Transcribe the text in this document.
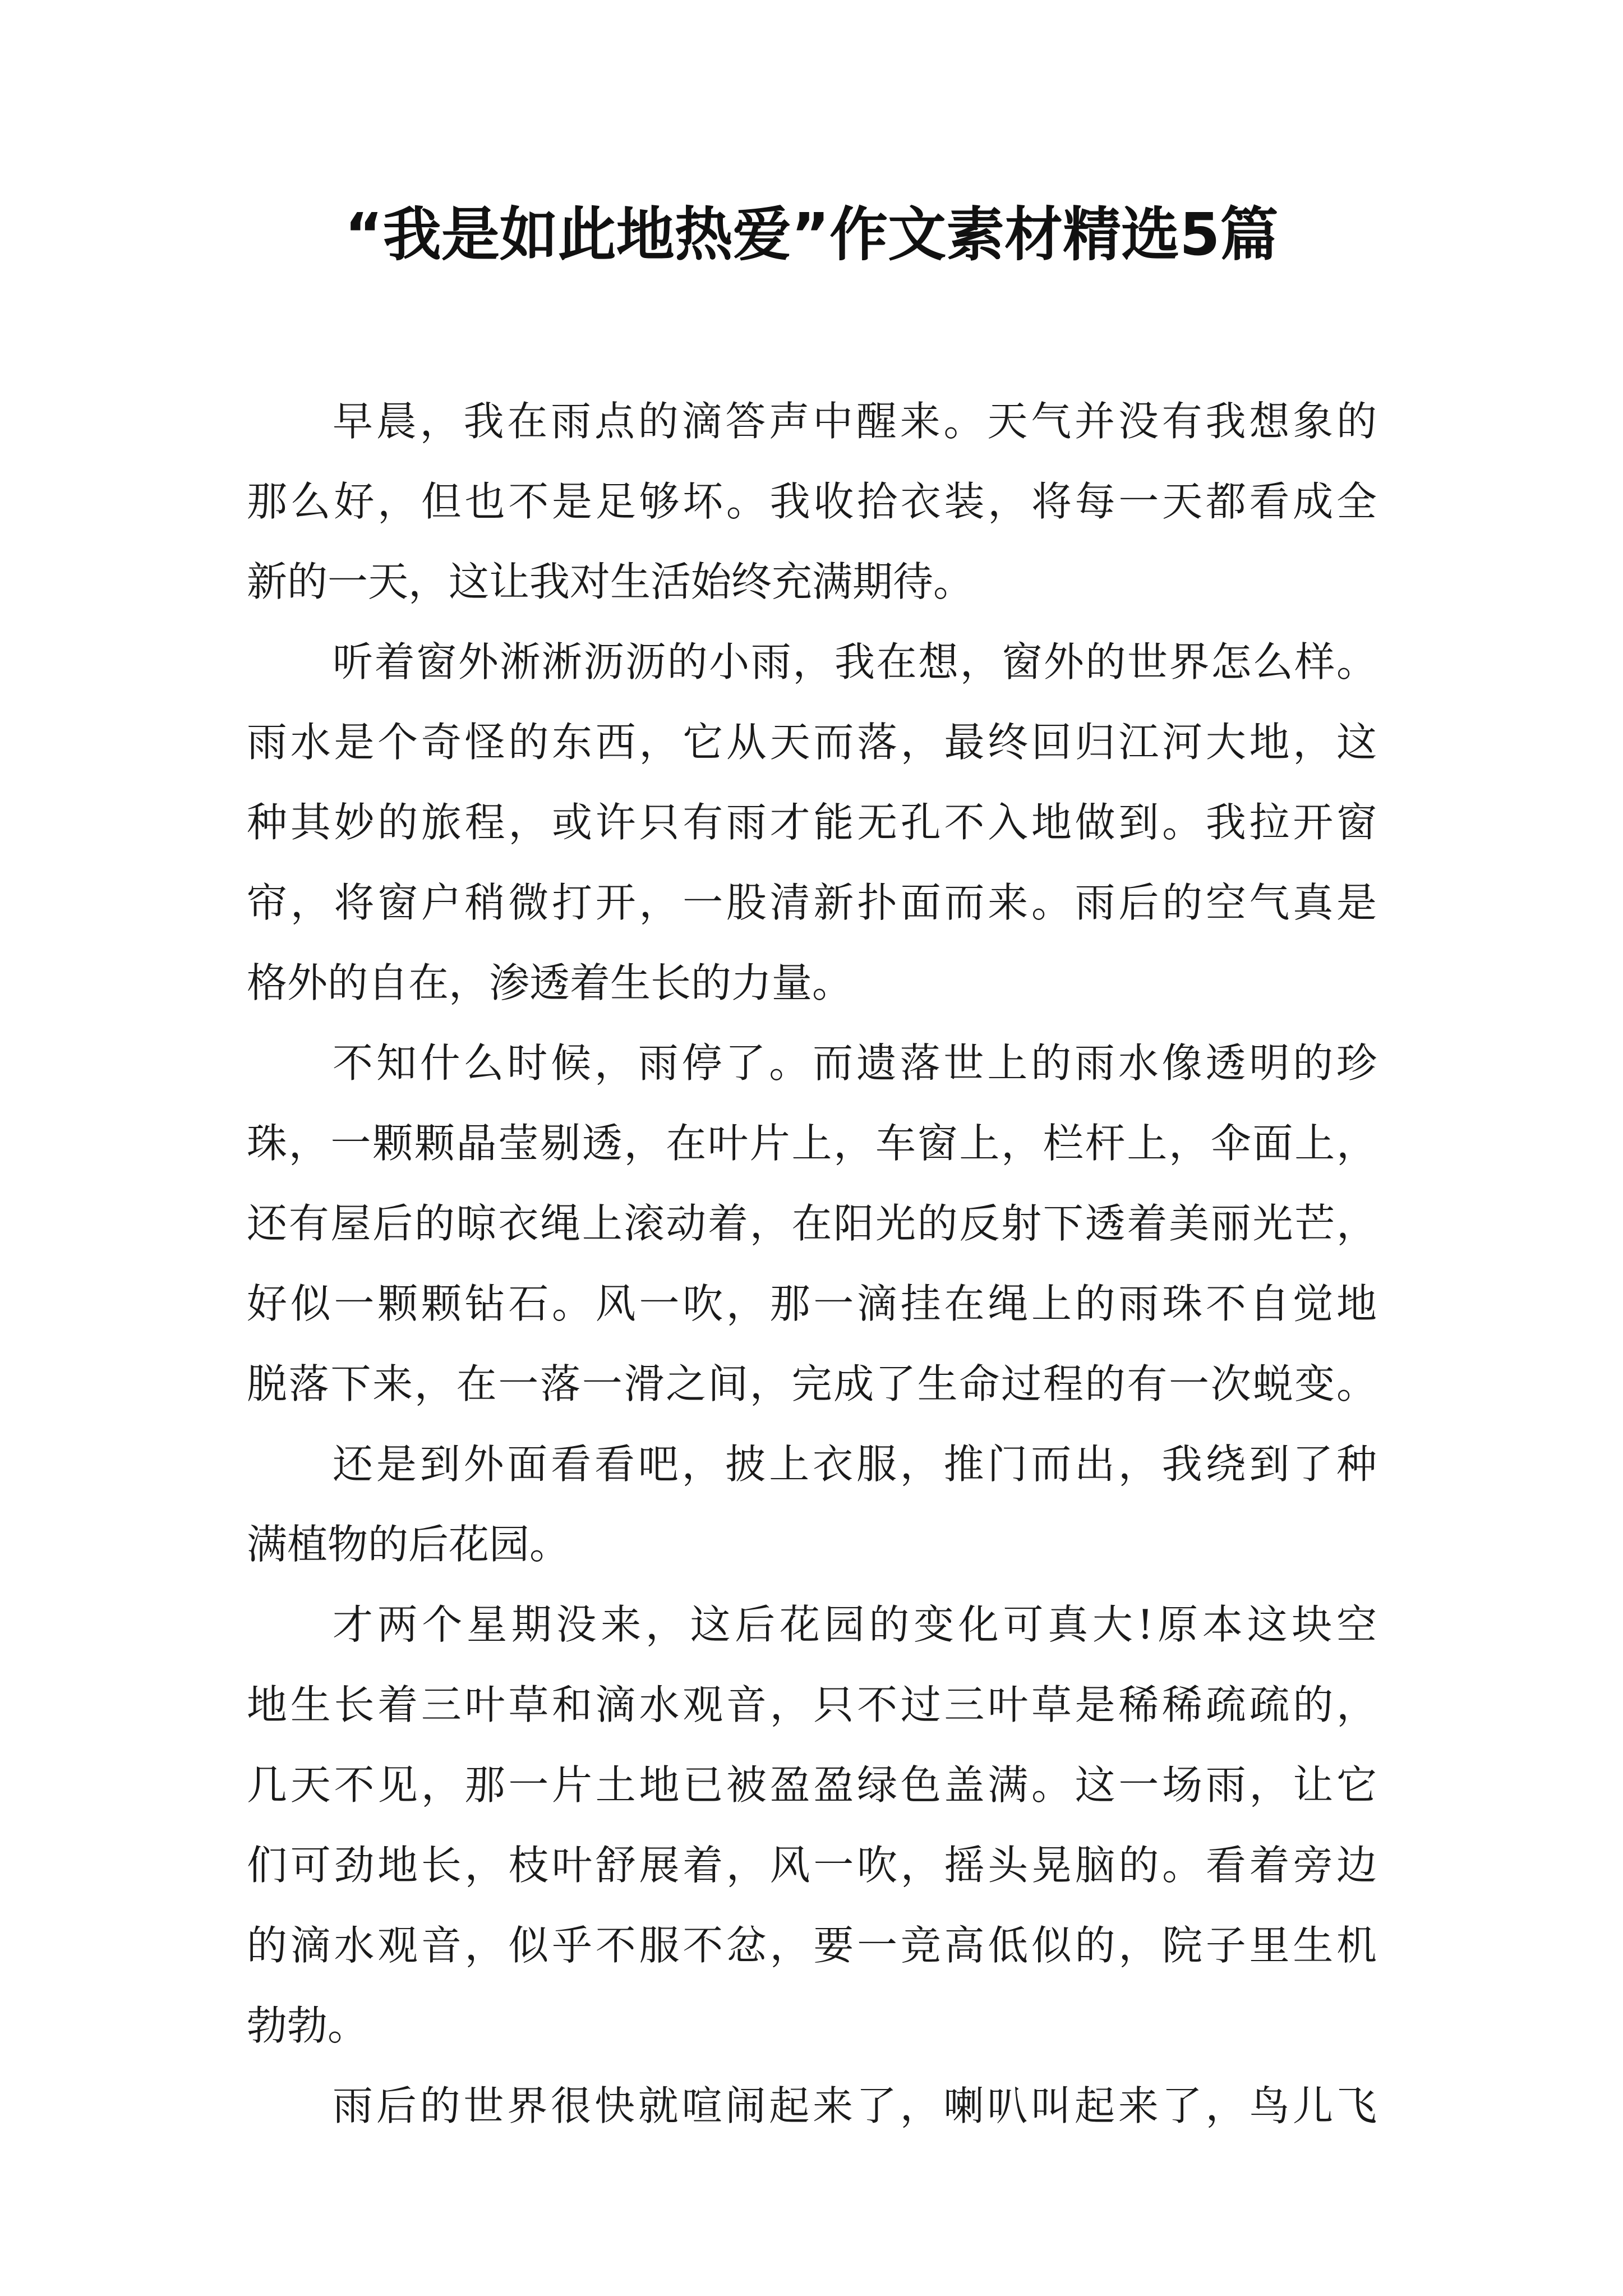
“我是如此地热爱”作文素材精选5篇
早晨，我在雨点的滴答声中醒来。天气并没有我想象的
那么好，但也不是足够坏。我收拾衣装，将每一天都看成全
新的一天，这让我对生活始终充满期待。
听着窗外淅淅沥沥的小雨，我在想，窗外的世界怎么样。
雨水是个奇怪的东西，它从天而落，最终回归江河大地，这
种其妙的旅程，或许只有雨才能无孔不入地做到。我拉开窗
帘，将窗户稍微打开，一股清新扑面而来。雨后的空气真是
格外的自在，渗透着生长的力量。
不知什么时候，雨停了。而遗落世上的雨水像透明的珍
珠，一颗颗晶莹剔透，在叶片上，车窗上，栏杆上，伞面上，
还有屋后的晾衣绳上滚动着，在阳光的反射下透着美丽光芒，
好似一颗颗钻石。风一吹，那一滴挂在绳上的雨珠不自觉地
脱落下来，在一落一滑之间，完成了生命过程的有一次蜕变。
还是到外面看看吧，披上衣服，推门而出，我绕到了种
满植物的后花园。
才两个星期没来，这后花园的变化可真大!原本这块空
地生长着三叶草和滴水观音，只不过三叶草是稀稀疏疏的，
几天不见，那一片土地已被盈盈绿色盖满。这一场雨，让它
们可劲地长，枝叶舒展着，风一吹，摇头晃脑的。看着旁边
的滴水观音，似乎不服不忿，要一竞高低似的，院子里生机
勃勃。
雨后的世界很快就喧闹起来了，喇叭叫起来了，鸟儿飞
